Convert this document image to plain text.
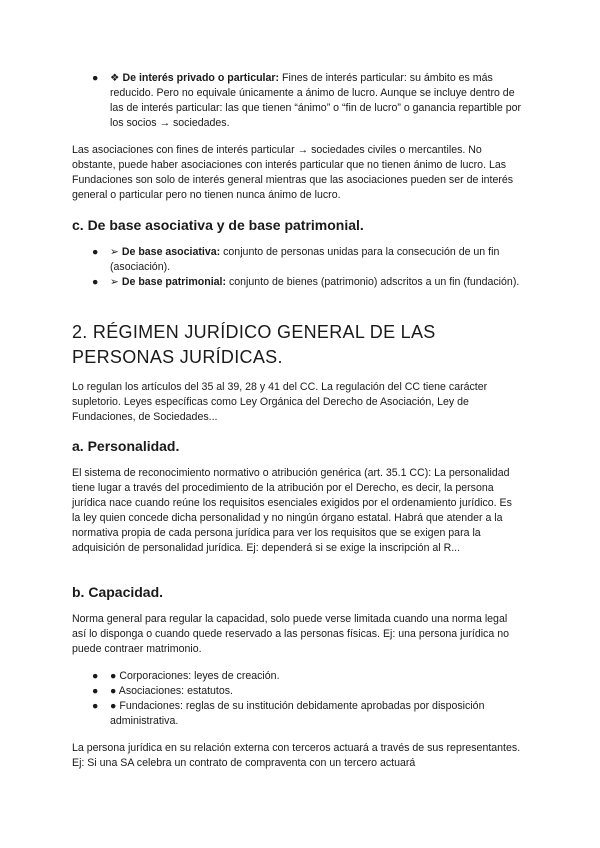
●	❖ De interés privado o particular: Fines de interés particular: su ámbito es más reducido. Pero no equivale únicamente a ánimo de lucro. Aunque se incluye dentro de las de interés particular: las que tienen “ánimo” o “fin de lucro” o ganancia repartible por los socios → sociedades.

Las asociaciones con fines de interés particular → sociedades civiles o mercantiles. No obstante, puede haber asociaciones con interés particular que no tienen ánimo de lucro. Las Fundaciones son solo de interés general mientras que las asociaciones pueden ser de interés general o particular pero no tienen nunca ánimo de lucro.

c. De base asociativa y de base patrimonial.
●	➢ De base asociativa: conjunto de personas unidas para la consecución de un fin (asociación).
●	➢ De base patrimonial: conjunto de bienes (patrimonio) adscritos a un fin (fundación).
2. RÉGIMEN JURÍDICO GENERAL DE LAS PERSONAS JURÍDICAS.

Lo regulan los artículos del 35 al 39, 28 y 41 del CC. La regulación del CC tiene carácter supletorio. Leyes específicas como Ley Orgánica del Derecho de Asociación, Ley de Fundaciones, de Sociedades...

a. Personalidad.

El sistema de reconocimiento normativo o atribución genérica (art. 35.1 CC): La personalidad tiene lugar a través del procedimiento de la atribución por el Derecho, es decir, la persona jurídica nace cuando reúne los requisitos esenciales exigidos por el ordenamiento jurídico. Es la ley quien concede dicha personalidad y no ningún órgano estatal. Habrá que atender a la normativa propia de cada persona jurídica para ver los requisitos que se exigen para la adquisición de personalidad jurídica. Ej: dependerá si se exige la inscripción al R...

b. Capacidad.

Norma general para regular la capacidad, solo puede verse limitada cuando una norma legal así lo disponga o cuando quede reservado a las personas físicas. Ej: una persona jurídica no puede contraer matrimonio.

●	● Corporaciones: leyes de creación.
●	● Asociaciones: estatutos.
●	● Fundaciones: reglas de su institución debidamente aprobadas por disposición administrativa.

La persona jurídica en su relación externa con terceros actuará a través de sus representantes. Ej: Si una SA celebra un contrato de compraventa con un tercero actuará
